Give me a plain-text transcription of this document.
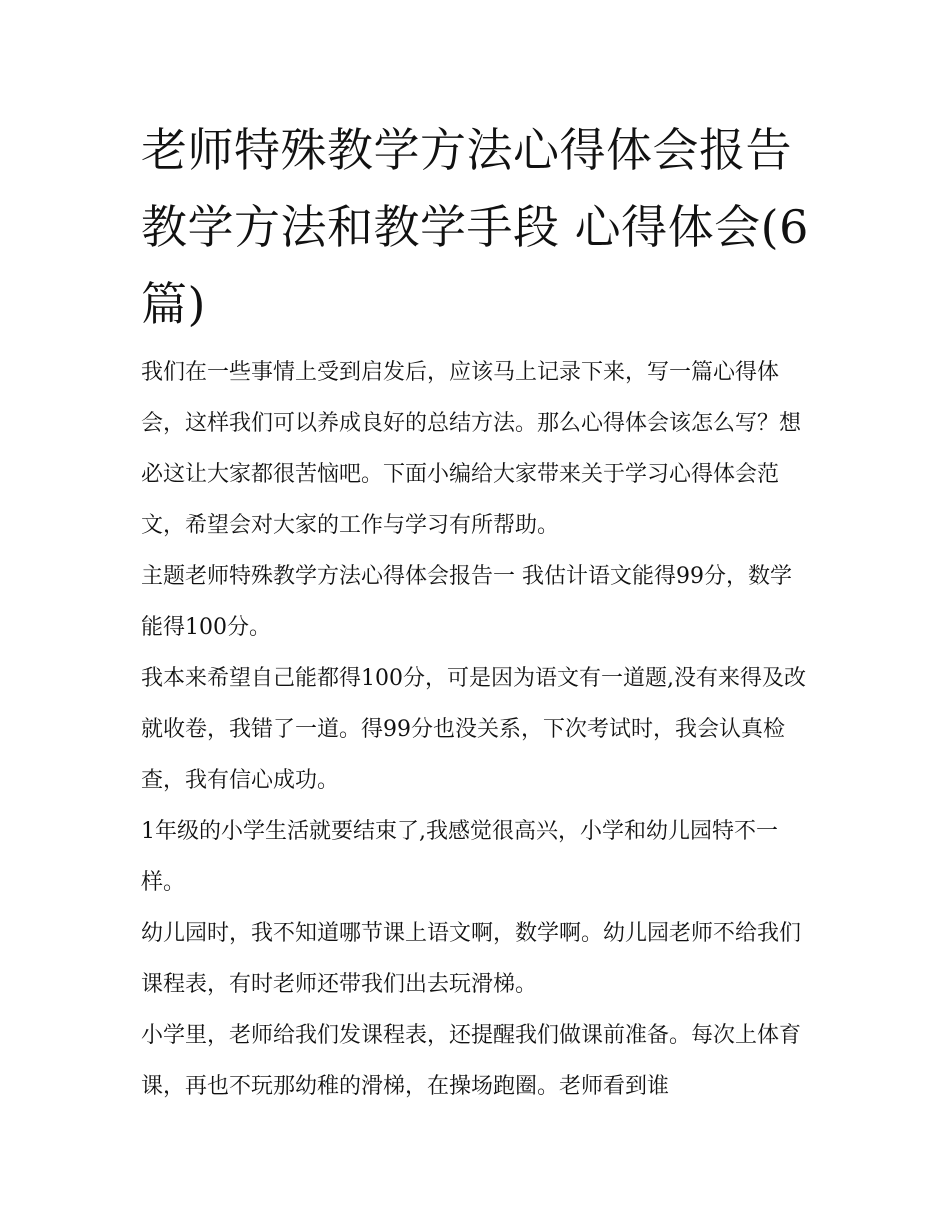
老师特殊教学方法心得体会报告 教学方法和教学手段 心得体会(6篇)

我们在一些事情上受到启发后，应该马上记录下来，写一篇心得体会，这样我们可以养成良好的总结方法。那么心得体会该怎么写？想必这让大家都很苦恼吧。下面小编给大家带来关于学习心得体会范文，希望会对大家的工作与学习有所帮助。

主题老师特殊教学方法心得体会报告一 我估计语文能得99分，数学能得100分。

我本来希望自己能都得100分，可是因为语文有一道题,没有来得及改就收卷，我错了一道。得99分也没关系，下次考试时，我会认真检查，我有信心成功。

1年级的小学生活就要结束了,我感觉很高兴，小学和幼儿园特不一样。

幼儿园时，我不知道哪节课上语文啊，数学啊。幼儿园老师不给我们课程表，有时老师还带我们出去玩滑梯。

小学里，老师给我们发课程表，还提醒我们做课前准备。每次上体育课，再也不玩那幼稚的滑梯，在操场跑圈。老师看到谁
